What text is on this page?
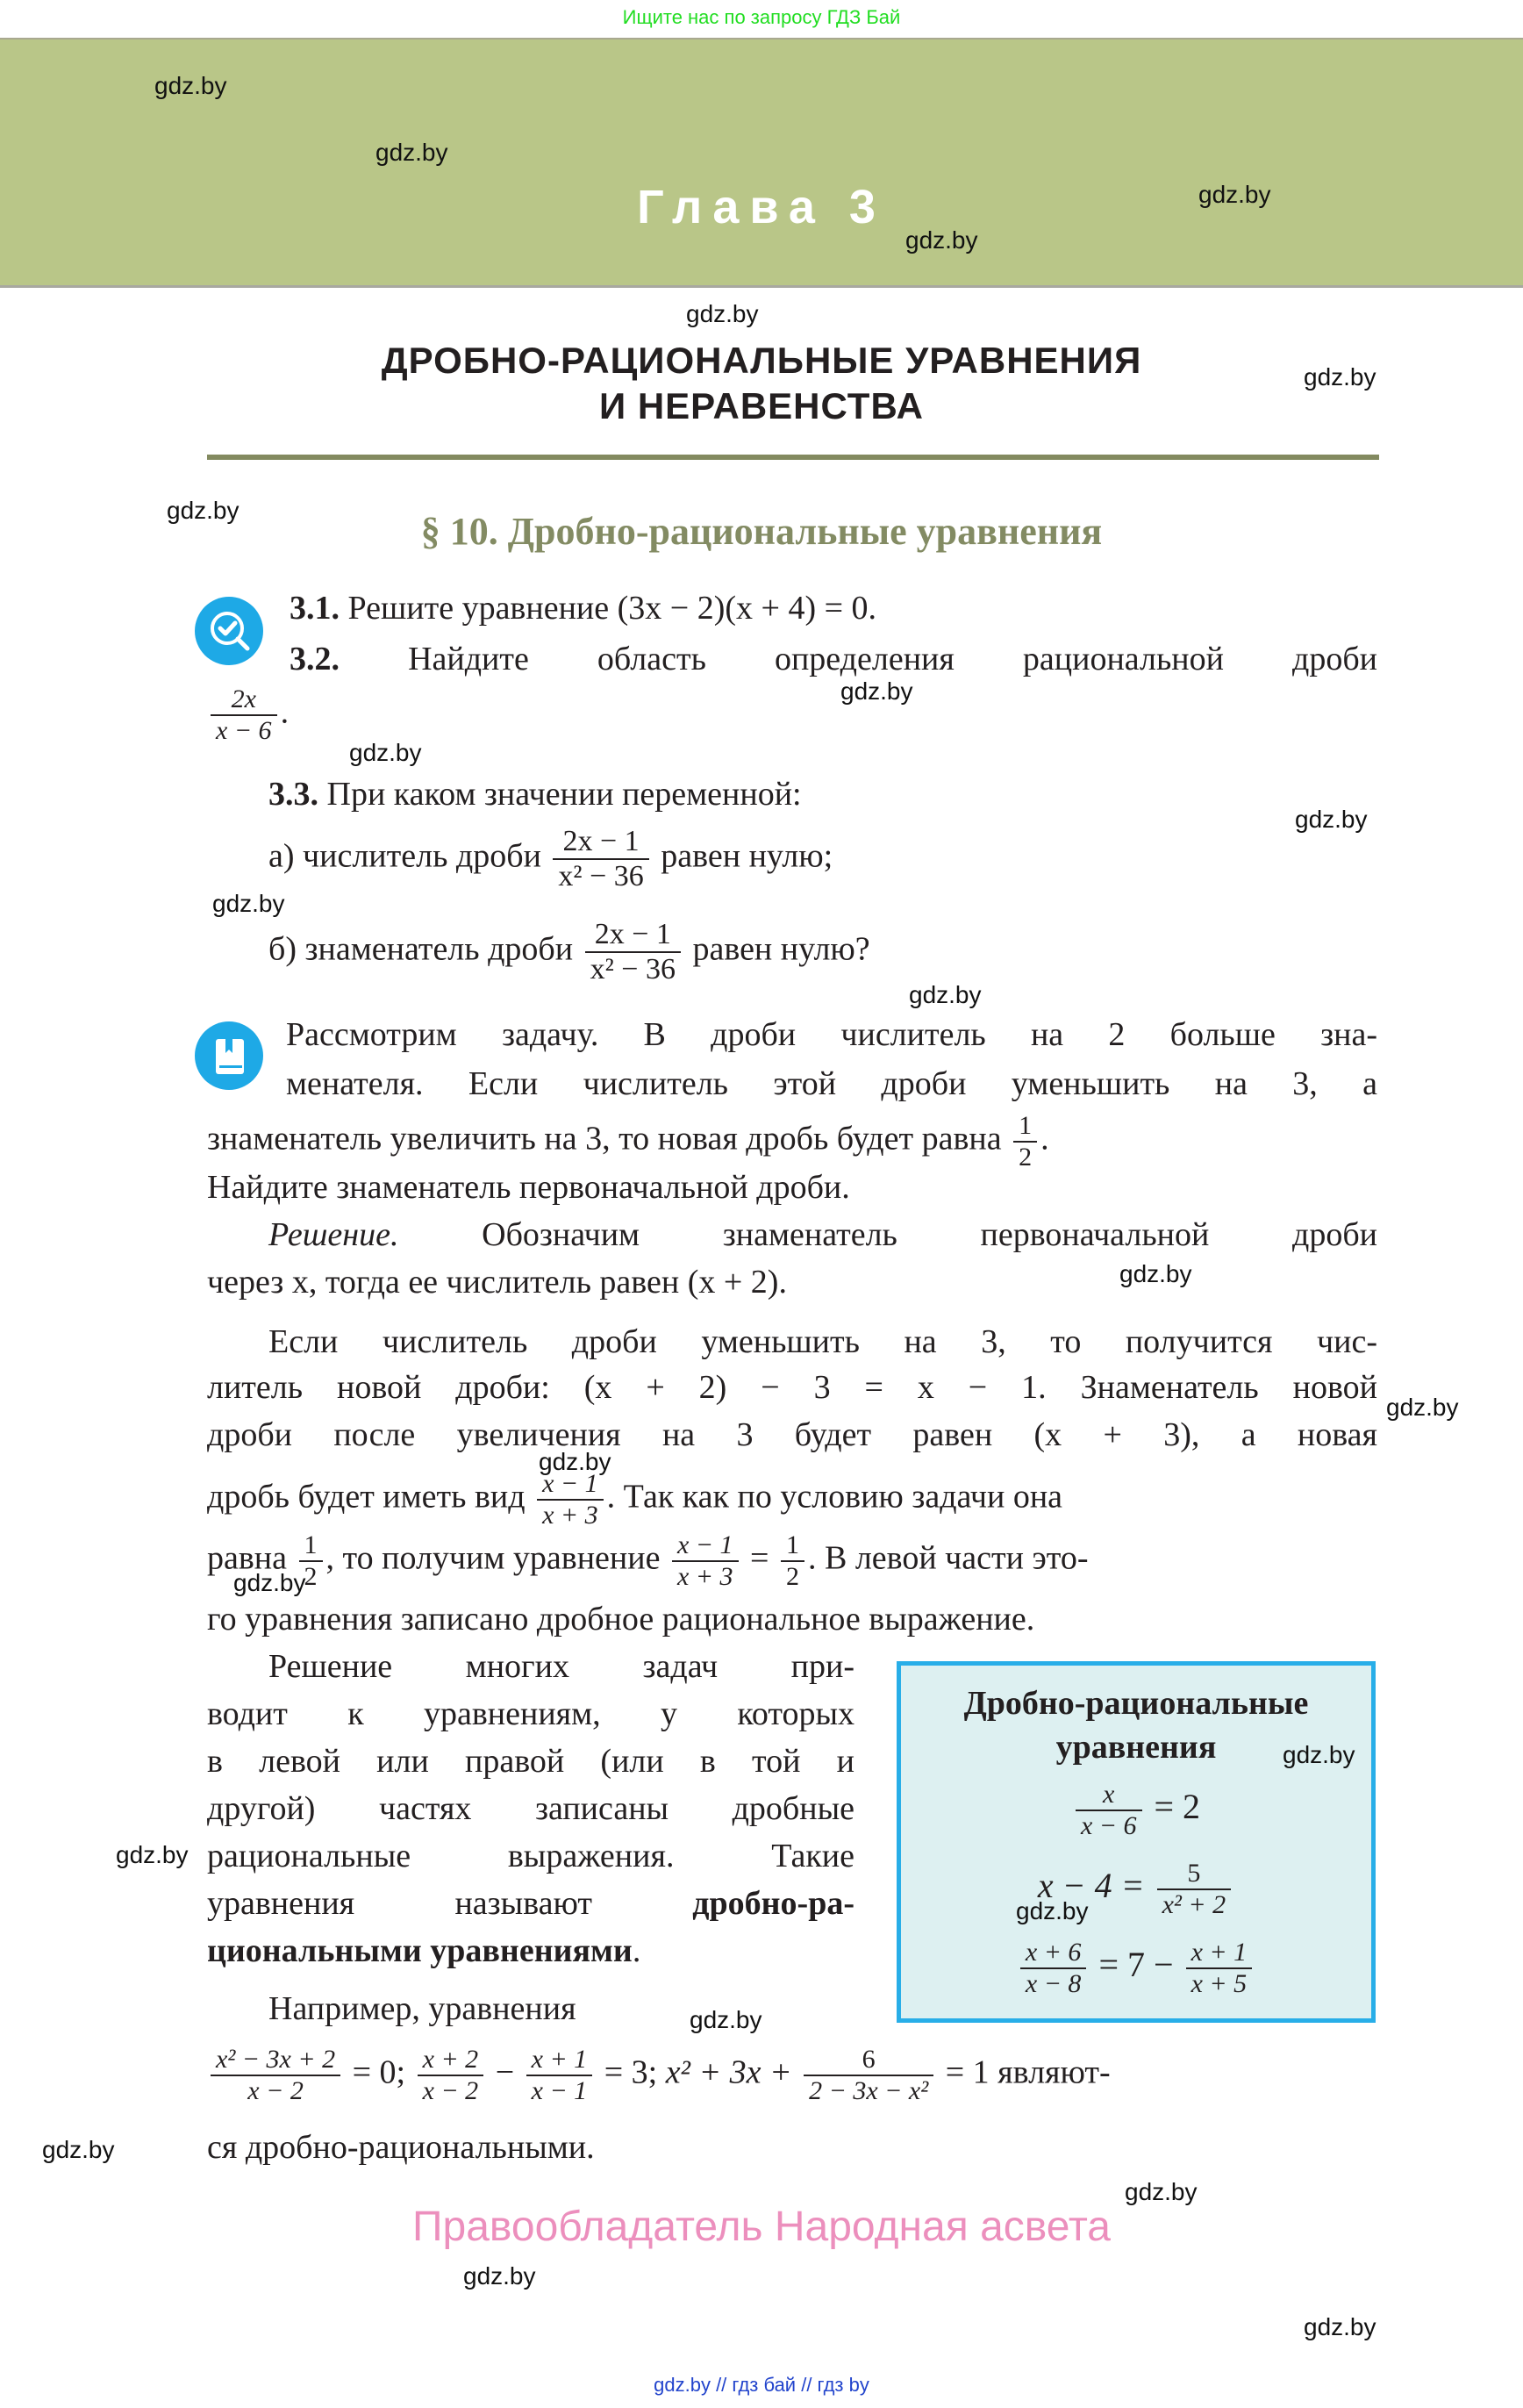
Ищите нас по запросу ГДЗ Бай
Глава 3
ДРОБНО-РАЦИОНАЛЬНЫЕ УРАВНЕНИЯ
И НЕРАВЕНСТВА
§ 10. Дробно-рациональные уравнения
3.1. Решите уравнение (3x − 2)(x + 4) = 0.
3.2. Найдите область определения рациональной дроби
$\frac{2x}{x - 6}$ .
3.3. При каком значении переменной:
а) числитель дроби $\frac{2x - 1}{\text{x² − 36}}$ равен нулю;
б) знаменатель дроби $\frac{2x - 1}{\text{x² − 36}}$ равен нулю?
Рассмотрим задачу. В дроби числитель на 2 больше зна-
менателя. Если числитель этой дроби уменьшить на 3, а
знаменатель увеличить на 3, то новая дробь будет равна $\frac{1}{2}$ .
Найдите знаменатель первоначальной дроби.
Решение. Обозначим знаменатель первоначальной дроби
через x, тогда ее числитель равен (x + 2).
Если числитель дроби уменьшить на 3, то получится чис-
литель новой дроби: (x + 2) − 3 = x − 1. Знаменатель новой
дроби после увеличения на 3 будет равен (x + 3), а новая
дробь будет иметь вид $\frac{x - 1}{x + 3}$ . Так как по условию задачи она
равна $\frac{1}{2}$ , то получим уравнение $\frac{x - 1}{x + 3} = \frac{1}{2}$ . В левой части это-
го уравнения записано дробное рациональное выражение.
Решение многих задач при-
водит к уравнениям, у которых
в левой или правой (или в той и
другой) частях записаны дробные
рациональные выражения. Такие
уравнения называют	дробно-ра-
циональными уравнениями.
Дробно-рациональные
уравнения
$\frac{x}{x - 6} = 2$
$x - 4 = \frac{5}{\text{x² + 2}}$
$\frac{x + 6}{x - 8} = 7 - \frac{x + 1}{x + 5}$
Например, уравнения
$\frac{\text{x² − 3x + 2}}{x - 2} = 0$; $\frac{x + 2}{x - 2} - \frac{x + 1}{x - 1} = 3$; $x^2 + 3x + \frac{6}{\text{2 − 3x − x²}} = 1$ являют-
ся дробно-рациональными.
Правообладатель Народная асвета
gdz.by // гдз бай // гдз by
gdz.by
gdz.by
gdz.by
gdz.by
gdz.by
gdz.by
gdz.by
gdz.by
gdz.by
gdz.by
gdz.by
gdz.by
gdz.by
gdz.by
gdz.by
gdz.by
gdz.by
gdz.by
gdz.by
gdz.by
gdz.by
gdz.by
gdz.by
gdz.by
